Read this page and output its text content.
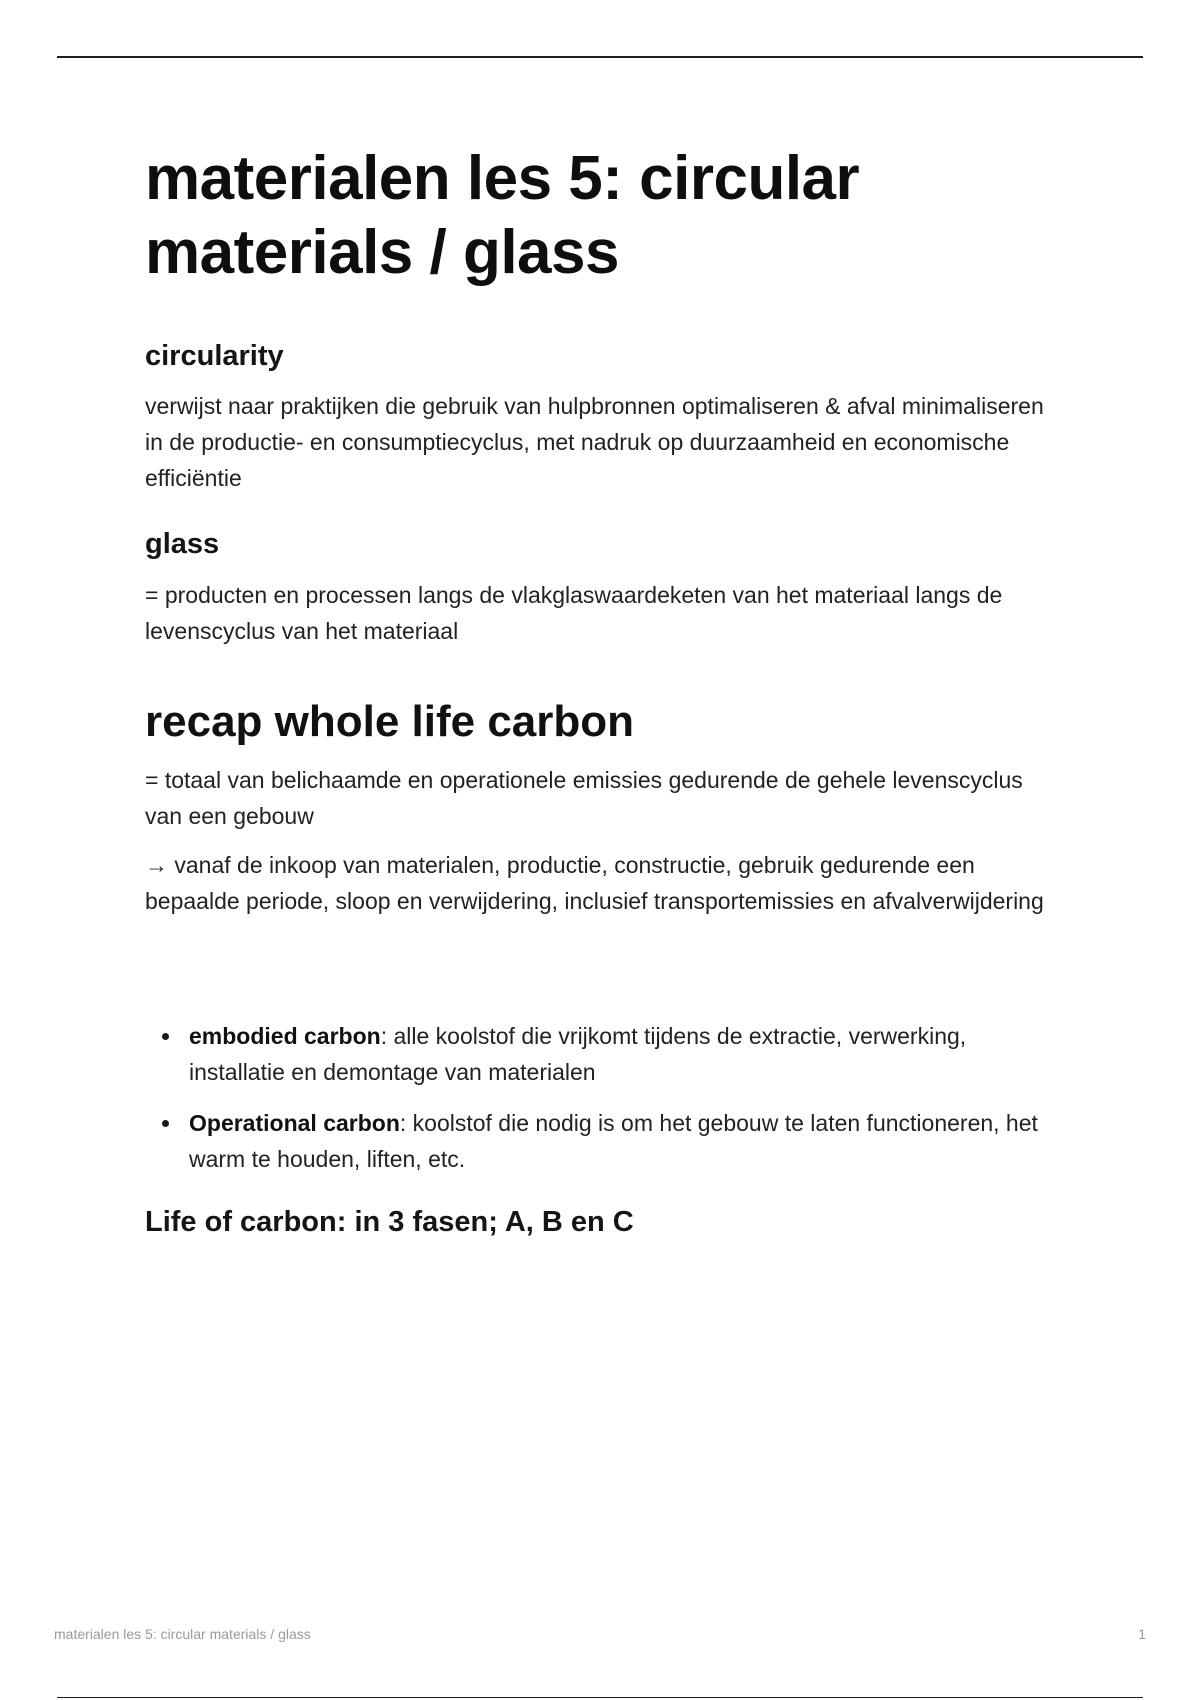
materialen les 5: circular materials / glass
circularity

verwijst naar praktijken die gebruik van hulpbronnen optimaliseren & afval minimaliseren in de productie- en consumptiecyclus, met nadruk op duurzaamheid en economische efficiëntie

glass

= producten en processen langs de vlakglaswaardeketen van het materiaal langs de levenscyclus van het materiaal

recap whole life carbon

= totaal van belichaamde en operationele emissies gedurende de gehele levenscyclus van een gebouw

→ vanaf de inkoop van materialen, productie, constructie, gebruik gedurende een bepaalde periode, sloop en verwijdering, inclusief transportemissies en afvalverwijdering

embodied carbon: alle koolstof die vrijkomt tijdens de extractie, verwerking, installatie en demontage van materialen
Operational carbon: koolstof die nodig is om het gebouw te laten functioneren, het warm te houden, liften, etc.
Life of carbon: in 3 fasen; A, B en C
materialen les 5: circular materials / glass	1
